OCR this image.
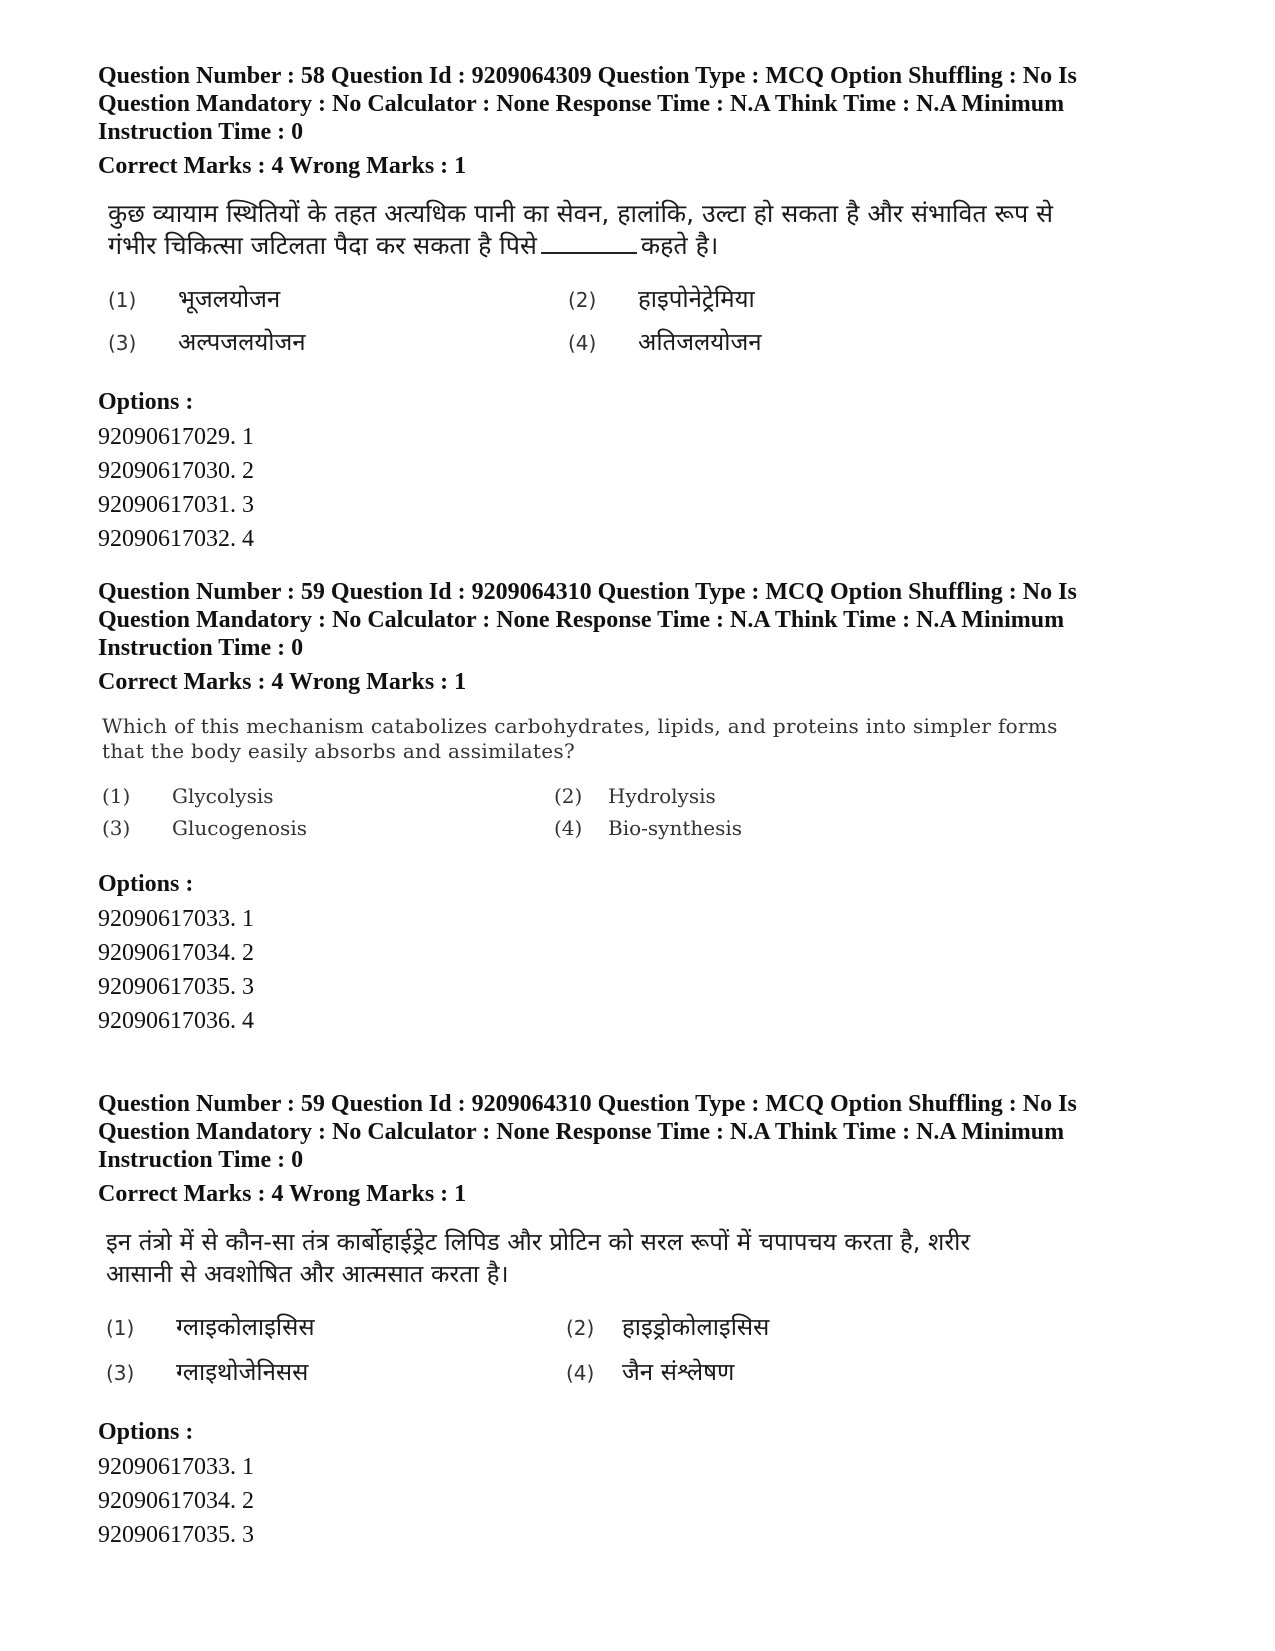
Question Number : 58 Question Id : 9209064309 Question Type : MCQ Option Shuffling : No Is
Question Mandatory : No Calculator : None Response Time : N.A Think Time : N.A Minimum
Instruction Time : 0
Correct Marks : 4 Wrong Marks : 1
कुछ व्यायाम स्थितियों के तहत अत्यधिक पानी का सेवन, हालांकि, उल्टा हो सकता है और संभावित रूप से
गंभीर चिकित्सा जटिलता पैदा कर सकता है पिसे	कहते है।
(1)	भूजलयोजन	(2)	हाइपोनेट्रेमिया
(3)	अल्पजलयोजन	(4)	अतिजलयोजन
Options :
92090617029. 1
92090617030. 2
92090617031. 3
92090617032. 4
Question Number : 59 Question Id : 9209064310 Question Type : MCQ Option Shuffling : No Is
Question Mandatory : No Calculator : None Response Time : N.A Think Time : N.A Minimum
Instruction Time : 0
Correct Marks : 4 Wrong Marks : 1
Which of this mechanism catabolizes carbohydrates, lipids, and proteins into simpler forms
that the body easily absorbs and assimilates?
(1)	Glycolysis	(2)	Hydrolysis
(3)	Glucogenosis	(4)	Bio-synthesis
Options :
92090617033. 1
92090617034. 2
92090617035. 3
92090617036. 4
Question Number : 59 Question Id : 9209064310 Question Type : MCQ Option Shuffling : No Is
Question Mandatory : No Calculator : None Response Time : N.A Think Time : N.A Minimum
Instruction Time : 0
Correct Marks : 4 Wrong Marks : 1
इन तंत्रो में से कौन-सा तंत्र कार्बोहाईड्रेट लिपिड और प्रोटिन को सरल रूपों में चपापचय करता है, शरीर
आसानी से अवशोषित और आत्मसात करता है।
(1)	ग्लाइकोलाइसिस	(2)	हाइड्रोकोलाइसिस
(3)	ग्लाइथोजेनिसस	(4)	जैन संश्लेषण
Options :
92090617033. 1
92090617034. 2
92090617035. 3
